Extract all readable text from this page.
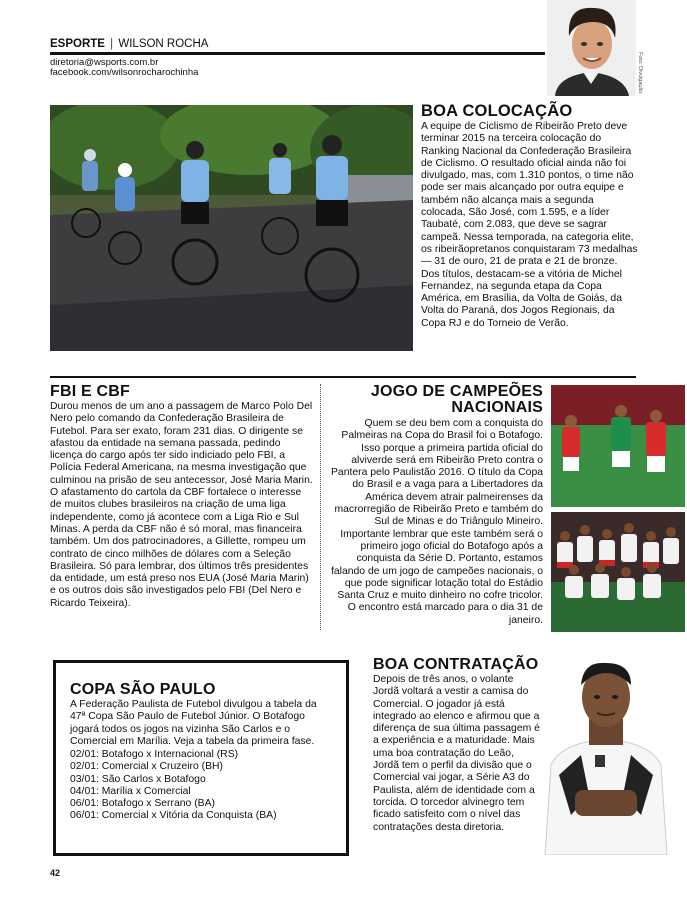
ESPORTE | WILSON ROCHA
diretoria@wsports.com.br
facebook.com/wilsonrocharochinha	Foto: Divulgação
BOA COLOCAÇÃO
A equipe de Ciclismo de Ribeirão Preto deve terminar 2015 na terceira colocação do Ranking Nacional da Confederação Brasileira de Ciclismo. O resultado oficial ainda não foi divulgado, mas, com 1.310 pontos, o time não pode ser mais alcançado por outra equipe e também não alcança mais a segunda colocada, São José, com 1.595, e a líder Taubaté, com 2.083, que deve se sagrar campeã. Nessa temporada, na categoria elite, os ribeirãopretanos conquistaram 73 medalhas — 31 de ouro, 21 de prata e 21 de bronze. Dos títulos, destacam-se a vitória de Michel Fernandez, na segunda etapa da Copa América, em Brasília, da Volta de Goiás, da Volta do Paraná, dos Jogos Regionais, da Copa RJ e do Torneio de Verão.
FBI E CBF
Durou menos de um ano a passagem de Marco Polo Del Nero pelo comando da Confederação Brasileira de Futebol. Para ser exato, foram 231 dias. O dirigente se afastou da entidade na semana passada, pedindo licença do cargo após ter sido indiciado pelo FBI, a Polícia Federal Americana, na mesma investigação que culminou na prisão de seu antecessor, José Maria Marin. O afastamento do cartola da CBF fortalece o interesse de muitos clubes brasileiros na criação de uma liga independente, como já acontece com a Liga Rio e Sul Minas. A perda da CBF não é só moral, mas financeira também. Um dos patrocinadores, a Gillette, rompeu um contrato de cinco milhões de dólares com a Seleção Brasileira. Só para lembrar, dos últimos três presidentes da entidade, um está preso nos EUA (José Maria Marin) e os outros dois são investigados pelo FBI (Del Nero e Ricardo Teixeira).
JOGO DE CAMPEÕES
NACIONAIS
Quem se deu bem com a conquista do Palmeiras na Copa do Brasil foi o Botafogo. Isso porque a primeira partida oficial do alviverde será em Ribeirão Preto contra o Pantera pelo Paulistão 2016. O título da Copa do Brasil e a vaga para a Libertadores da América devem atrair palmeirenses da macrorregião de Ribeirão Preto e também do Sul de Minas e do Triângulo Mineiro. Importante lembrar que este também será o primeiro jogo oficial do Botafogo após a conquista da Série D. Portanto, estamos falando de um jogo de campeões nacionais, o que pode significar lotação total do Estádio Santa Cruz e muito dinheiro no cofre tricolor. O encontro está marcado para o dia 31 de janeiro.
COPA SÃO PAULO
A Federação Paulista de Futebol divulgou a tabela da 47ª Copa São Paulo de Futebol Júnior. O Botafogo jogará todos os jogos na vizinha São Carlos e o Comercial em Marília. Veja a tabela da primeira fase.
02/01: Botafogo x Internacional (RS)
02/01: Comercial x Cruzeiro (BH)
03/01: São Carlos x Botafogo
04/01: Marília x Comercial
06/01: Botafogo x Serrano (BA)
06/01: Comercial x Vitória da Conquista (BA)
BOA CONTRATAÇÃO
Depois de três anos, o volante Jordã voltará a vestir a camisa do Comercial. O jogador já está integrado ao elenco e afirmou que a diferença de sua última passagem é a experiência e a maturidade. Mais uma boa contratação do Leão, Jordã tem o perfil da divisão que o Comercial vai jogar, a Série A3 do Paulista, além de identidade com a torcida. O torcedor alvinegro tem ficado satisfeito com o nível das contratações desta diretoria.
42
